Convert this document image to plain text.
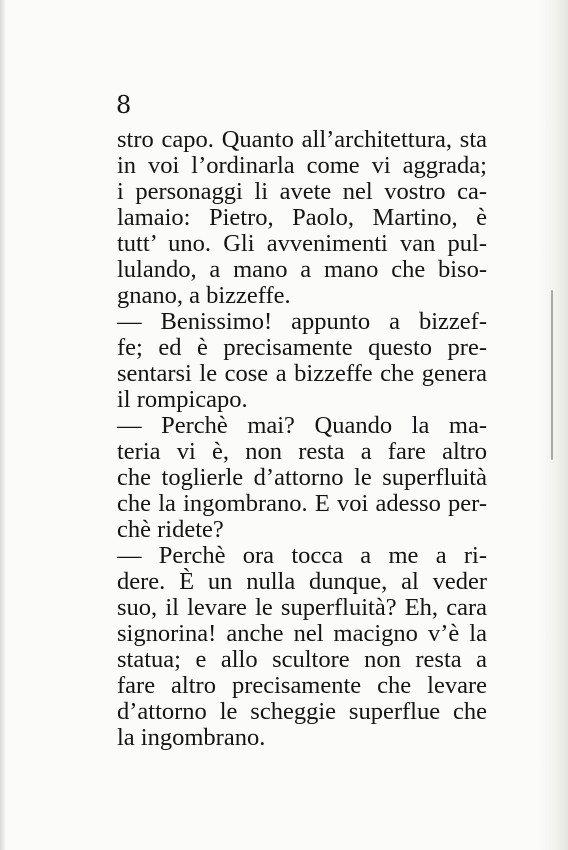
8

stro capo. Quanto all’architettura, sta
in voi l’ordinarla come vi aggrada;
i personaggi li avete nel vostro ca-
lamaio: Pietro, Paolo, Martino, è
tutt’ uno. Gli avvenimenti van pul-
lulando, a mano a mano che biso-
gnano, a bizzeffe.
— Benissimo! appunto a bizzef-
fe; ed è precisamente questo pre-
sentarsi le cose a bizzeffe che genera
il rompicapo.
— Perchè mai? Quando la ma-
teria vi è, non resta a fare altro
che toglierle d’attorno le superfluità
che la ingombrano. E voi adesso per-
chè ridete?
— Perchè ora tocca a me a ri-
dere. È un nulla dunque, al veder
suo, il levare le superfluità? Eh, cara
signorina! anche nel macigno v’è la
statua; e allo scultore non resta a
fare altro precisamente che levare
d’attorno le scheggie superflue che
la ingombrano.
